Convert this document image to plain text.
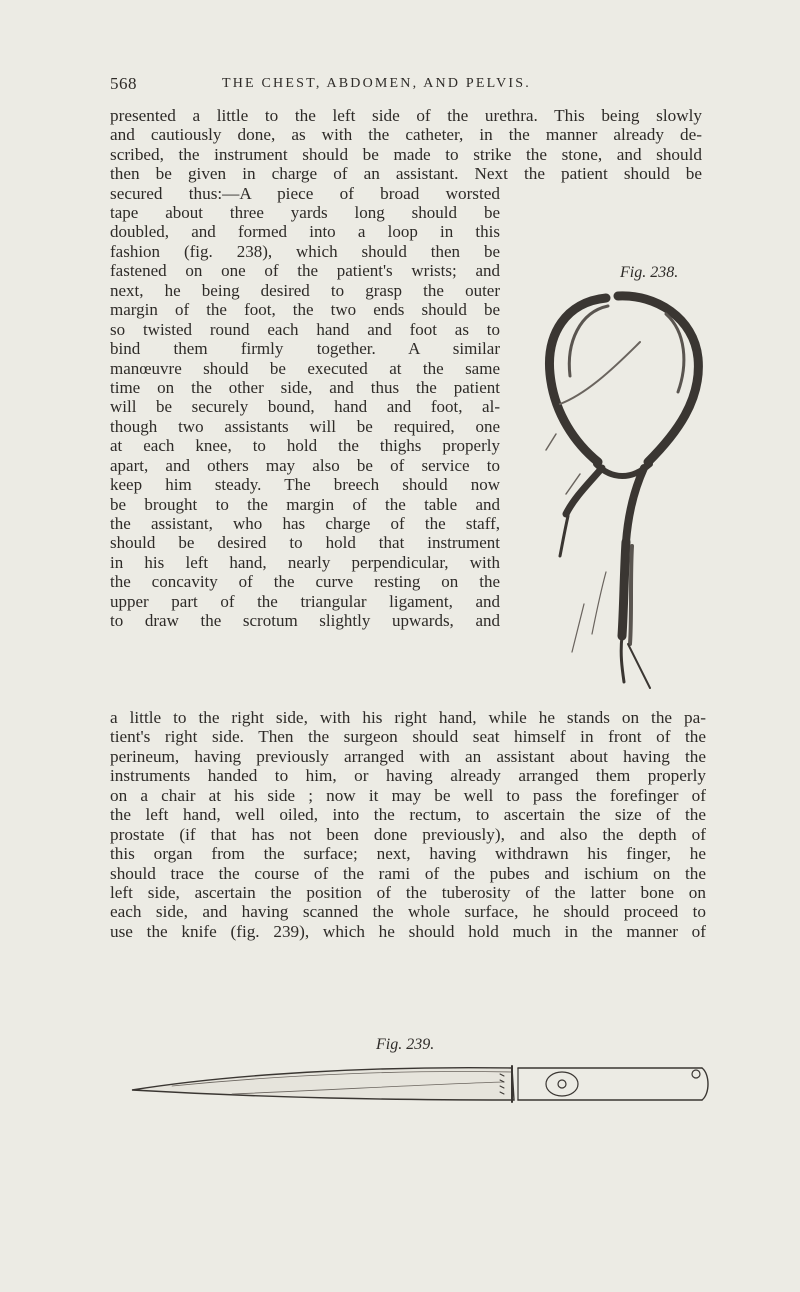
568	THE CHEST, ABDOMEN, AND PELVIS.
presented a little to the left side of the urethra. This being slowly
and cautiously done, as with the catheter, in the manner already de-
scribed, the instrument should be made to strike the stone, and should
then be given in charge of an assistant. Next the patient should be
secured thus:—A piece of broad worsted
tape about three yards long should be
doubled, and formed into a loop in this
fashion (fig. 238), which should then be
fastened on one of the patient's wrists; and
next, he being desired to grasp the outer
margin of the foot, the two ends should be
so twisted round each hand and foot as to
bind them firmly together. A similar
manœuvre should be executed at the same
time on the other side, and thus the patient
will be securely bound, hand and foot, al-
though two assistants will be required, one
at each knee, to hold the thighs properly
apart, and others may also be of service to
keep him steady. The breech should now
be brought to the margin of the table and
the assistant, who has charge of the staff,
should be desired to hold that instrument
in his left hand, nearly perpendicular, with
the concavity of the curve resting on the
upper part of the triangular ligament, and
to draw the scrotum slightly upwards, and
Fig. 238.
a little to the right side, with his right hand, while he stands on the pa-
tient's right side. Then the surgeon should seat himself in front of the
perineum, having previously arranged with an assistant about having the
instruments handed to him, or having already arranged them properly
on a chair at his side ; now it may be well to pass the forefinger of
the left hand, well oiled, into the rectum, to ascertain the size of the
prostate (if that has not been done previously), and also the depth of
this organ from the surface; next, having withdrawn his finger, he
should trace the course of the rami of the pubes and ischium on the
left side, ascertain the position of the tuberosity of the latter bone on
each side, and having scanned the whole surface, he should proceed to
use the knife (fig. 239), which he should hold much in the manner of
Fig. 239.
